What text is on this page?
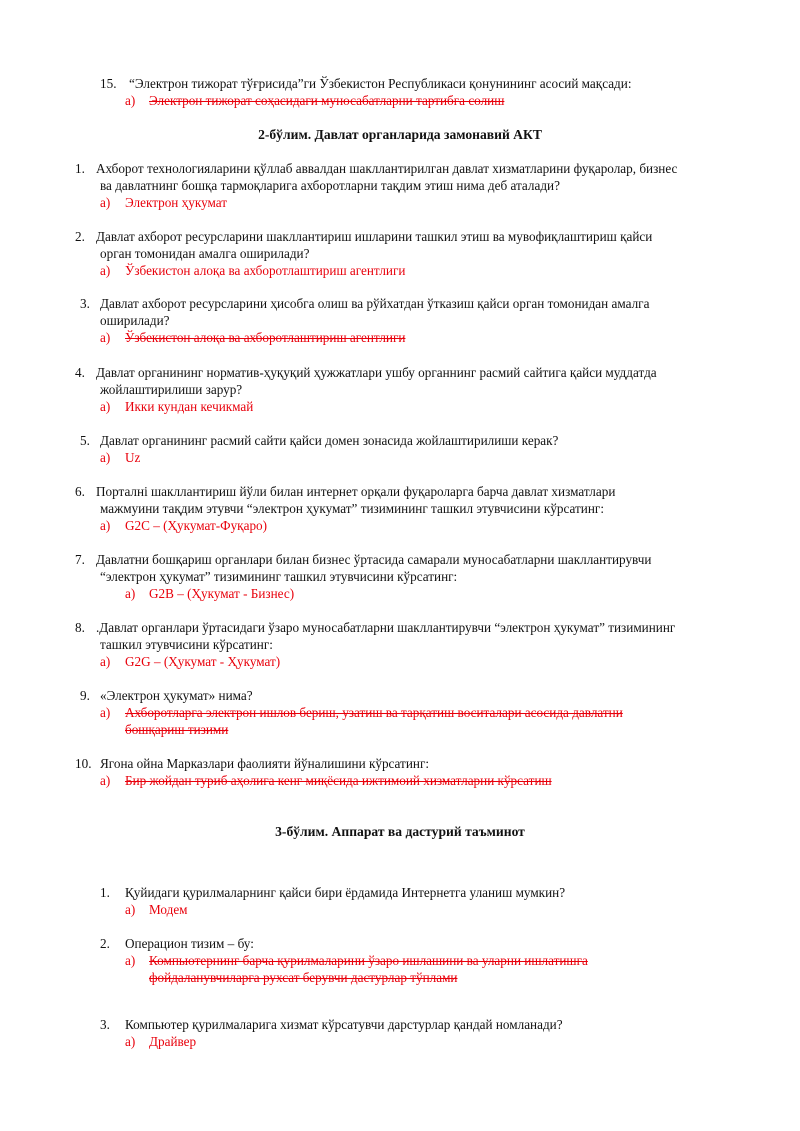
15. “Электрон тижорат тўғрисида”ги Ўзбекистон Республикаси қонунининг асосий мақсади:
а) Электрон тижорат соҳасидаги муносабатларни тартибга солиш
2-бўлим. Давлат органларида замонавий АКТ
1. Ахборот технологияларини қўллаб аввалдан шакллантирилган давлат хизматларини фуқаролар, бизнес
ва давлатнинг бошқа тармоқларига ахборотларни тақдим этиш нима деб аталади?
а) Электрон ҳукумат
2. Давлат ахборот ресурсларини шакллантириш ишларини ташкил этиш ва мувофиқлаштириш қайси
орган томонидан амалга оширилади?
а) Ўзбекистон алоқа ва ахборотлаштириш агентлиги
3. Давлат ахборот ресурсларини ҳисобга олиш ва рўйхатдан ўтказиш қайси орган томонидан амалга
оширилади?
а) Ўзбекистон алоқа ва ахборотлаштириш агентлиги
4. Давлат органининг норматив-ҳуқуқий ҳужжатлари ушбу органнинг расмий сайтига қайси муддатда
жойлаштирилиши зарур?
а) Икки кундан кечикмай
5. Давлат органининг расмий сайти қайси домен зонасида жойлаштирилиши керак?
а) Uz
6. Порталнi шакллантириш йўли билан интернет орқали фуқароларга барча давлат хизматлари
мажмуини тақдим этувчи “электрон ҳукумат” тизимининг ташкил этувчисини кўрсатинг:
а) G2С – (Ҳукумат-Фуқаро)
7. Давлатни бошқариш органлари билан бизнес ўртасида самарали муносабатларни шакллантирувчи
“электрон ҳукумат” тизимининг ташкил этувчисини кўрсатинг:
а) G2B – (Ҳукумат - Бизнес)
8. .Давлат органлари ўртасидаги ўзаро муносабатларни шакллантирувчи “электрон ҳукумат” тизимининг
ташкил этувчисини кўрсатинг:
а) G2G – (Ҳукумат - Ҳукумат)
9. «Электрон ҳукумат» нима?
а) Ахборотларга электрон ишлов бериш, узатиш ва тарқатиш воситалари асосида давлатни
бошқариш тизими
10. Ягона ойна Марказлари фаолияти йўналишини кўрсатинг:
а) Бир жойдан туриб аҳолига кенг миқёсида ижтимоий хизматларни кўрсатиш
3-бўлим. Аппарат ва дастурий таъминот
1. Қуйидаги қурилмаларнинг қайси бири ёрдамида Интернетга уланиш мумкин?
а) Модем
2. Операцион тизим – бу:
а) Компьютернинг барча қурилмаларини ўзаро ишлашини ва уларни ишлатишга
фойдаланувчиларга рухсат берувчи дастурлар тўплами
3. Компьютер қурилмаларига хизмат кўрсатувчи дарстурлар қандай номланади?
а) Драйвер
